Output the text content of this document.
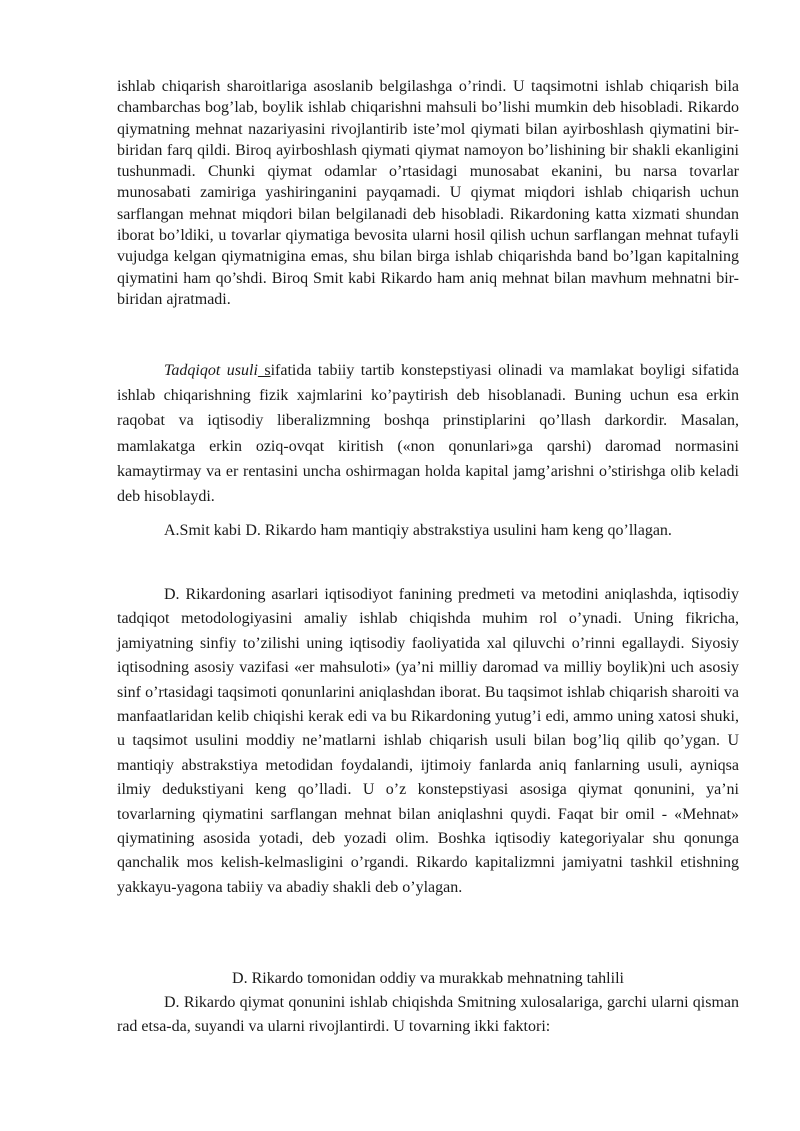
ishlab chiqarish sharoitlariga asoslanib belgilashga o’rindi. U taqsimotni ishlab chiqarish bila chambarchas bog’lab, boylik ishlab chiqarishni mahsuli bo’lishi mumkin deb hisobladi. Rikardo qiymatning mehnat nazariyasini rivojlantirib iste’mol qiymati bilan ayirboshlash qiymatini bir-biridan farq qildi. Biroq ayirboshlash qiymati qiymat namoyon bo’lishining bir shakli ekanligini tushunmadi. Chunki qiymat odamlar o’rtasidagi munosabat ekanini, bu narsa tovarlar munosabati zamiriga yashiringanini payqamadi. U qiymat miqdori ishlab chiqarish uchun sarflangan mehnat miqdori bilan belgilanadi deb hisobladi. Rikardoning katta xizmati shundan iborat bo’ldiki, u tovarlar qiymatiga bevosita ularni hosil qilish uchun sarflangan mehnat tufayli vujudga kelgan qiymatnigina emas, shu bilan birga ishlab chiqarishda band bo’lgan kapitalning qiymatini ham qo’shdi. Biroq Smit kabi Rikardo ham aniq mehnat bilan mavhum mehnatni bir-biridan ajratmadi.

Tadqiqot usuli sifatida tabiiy tartib konstepstiyasi olinadi va mamlakat boyligi sifatida ishlab chiqarishning fizik xajmlarini ko’paytirish deb hisoblanadi. Buning uchun esa erkin raqobat va iqtisodiy liberalizmning boshqa prinstiplarini qo’llash darkordir. Masalan, mamlakatga erkin oziq-ovqat kiritish («non qonunlari»ga qarshi) daromad normasini kamaytirmay va er rentasini uncha oshirmagan holda kapital jamg’arishni o’stirishga olib keladi deb hisoblaydi.

A.Smit kabi D. Rikardo ham mantiqiy abstrakstiya usulini ham keng qo’llagan.

D. Rikardoning asarlari iqtisodiyot fanining predmeti va metodini aniqlashda, iqtisodiy tadqiqot metodologiyasini amaliy ishlab chiqishda muhim rol o’ynadi. Uning fikricha, jamiyatning sinfiy to’zilishi uning iqtisodiy faoliyatida xal qiluvchi o’rinni egallaydi. Siyosiy iqtisodning asosiy vazifasi «er mahsuloti» (ya’ni milliy daromad va milliy boylik)ni uch asosiy sinf o’rtasidagi taqsimoti qonunlarini aniqlashdan iborat. Bu taqsimot ishlab chiqarish sharoiti va manfaatlaridan kelib chiqishi kerak edi va bu Rikardoning yutug’i edi, ammo uning xatosi shuki, u taqsimot usulini moddiy ne’matlarni ishlab chiqarish usuli bilan bog’liq qilib qo’ygan. U mantiqiy abstrakstiya metodidan foydalandi, ijtimoiy fanlarda aniq fanlarning usuli, ayniqsa ilmiy dedukstiyani keng qo’lladi. U o’z konstepstiyasi asosiga qiymat qonunini, ya’ni tovarlarning qiymatini sarflangan mehnat bilan aniqlashni quydi. Faqat bir omil - «Mehnat» qiymatining asosida yotadi, deb yozadi olim. Boshka iqtisodiy kategoriyalar shu qonunga qanchalik mos kelish-kelmasligini o’rgandi. Rikardo kapitalizmni jamiyatni tashkil etishning yakkayu-yagona tabiiy va abadiy shakli deb o’ylagan.

D. Rikardo tomonidan oddiy va murakkab mehnatning tahlili

D. Rikardo qiymat qonunini ishlab chiqishda Smitning xulosalariga, garchi ularni qisman rad etsa-da, suyandi va ularni rivojlantirdi. U tovarning ikki faktori:
